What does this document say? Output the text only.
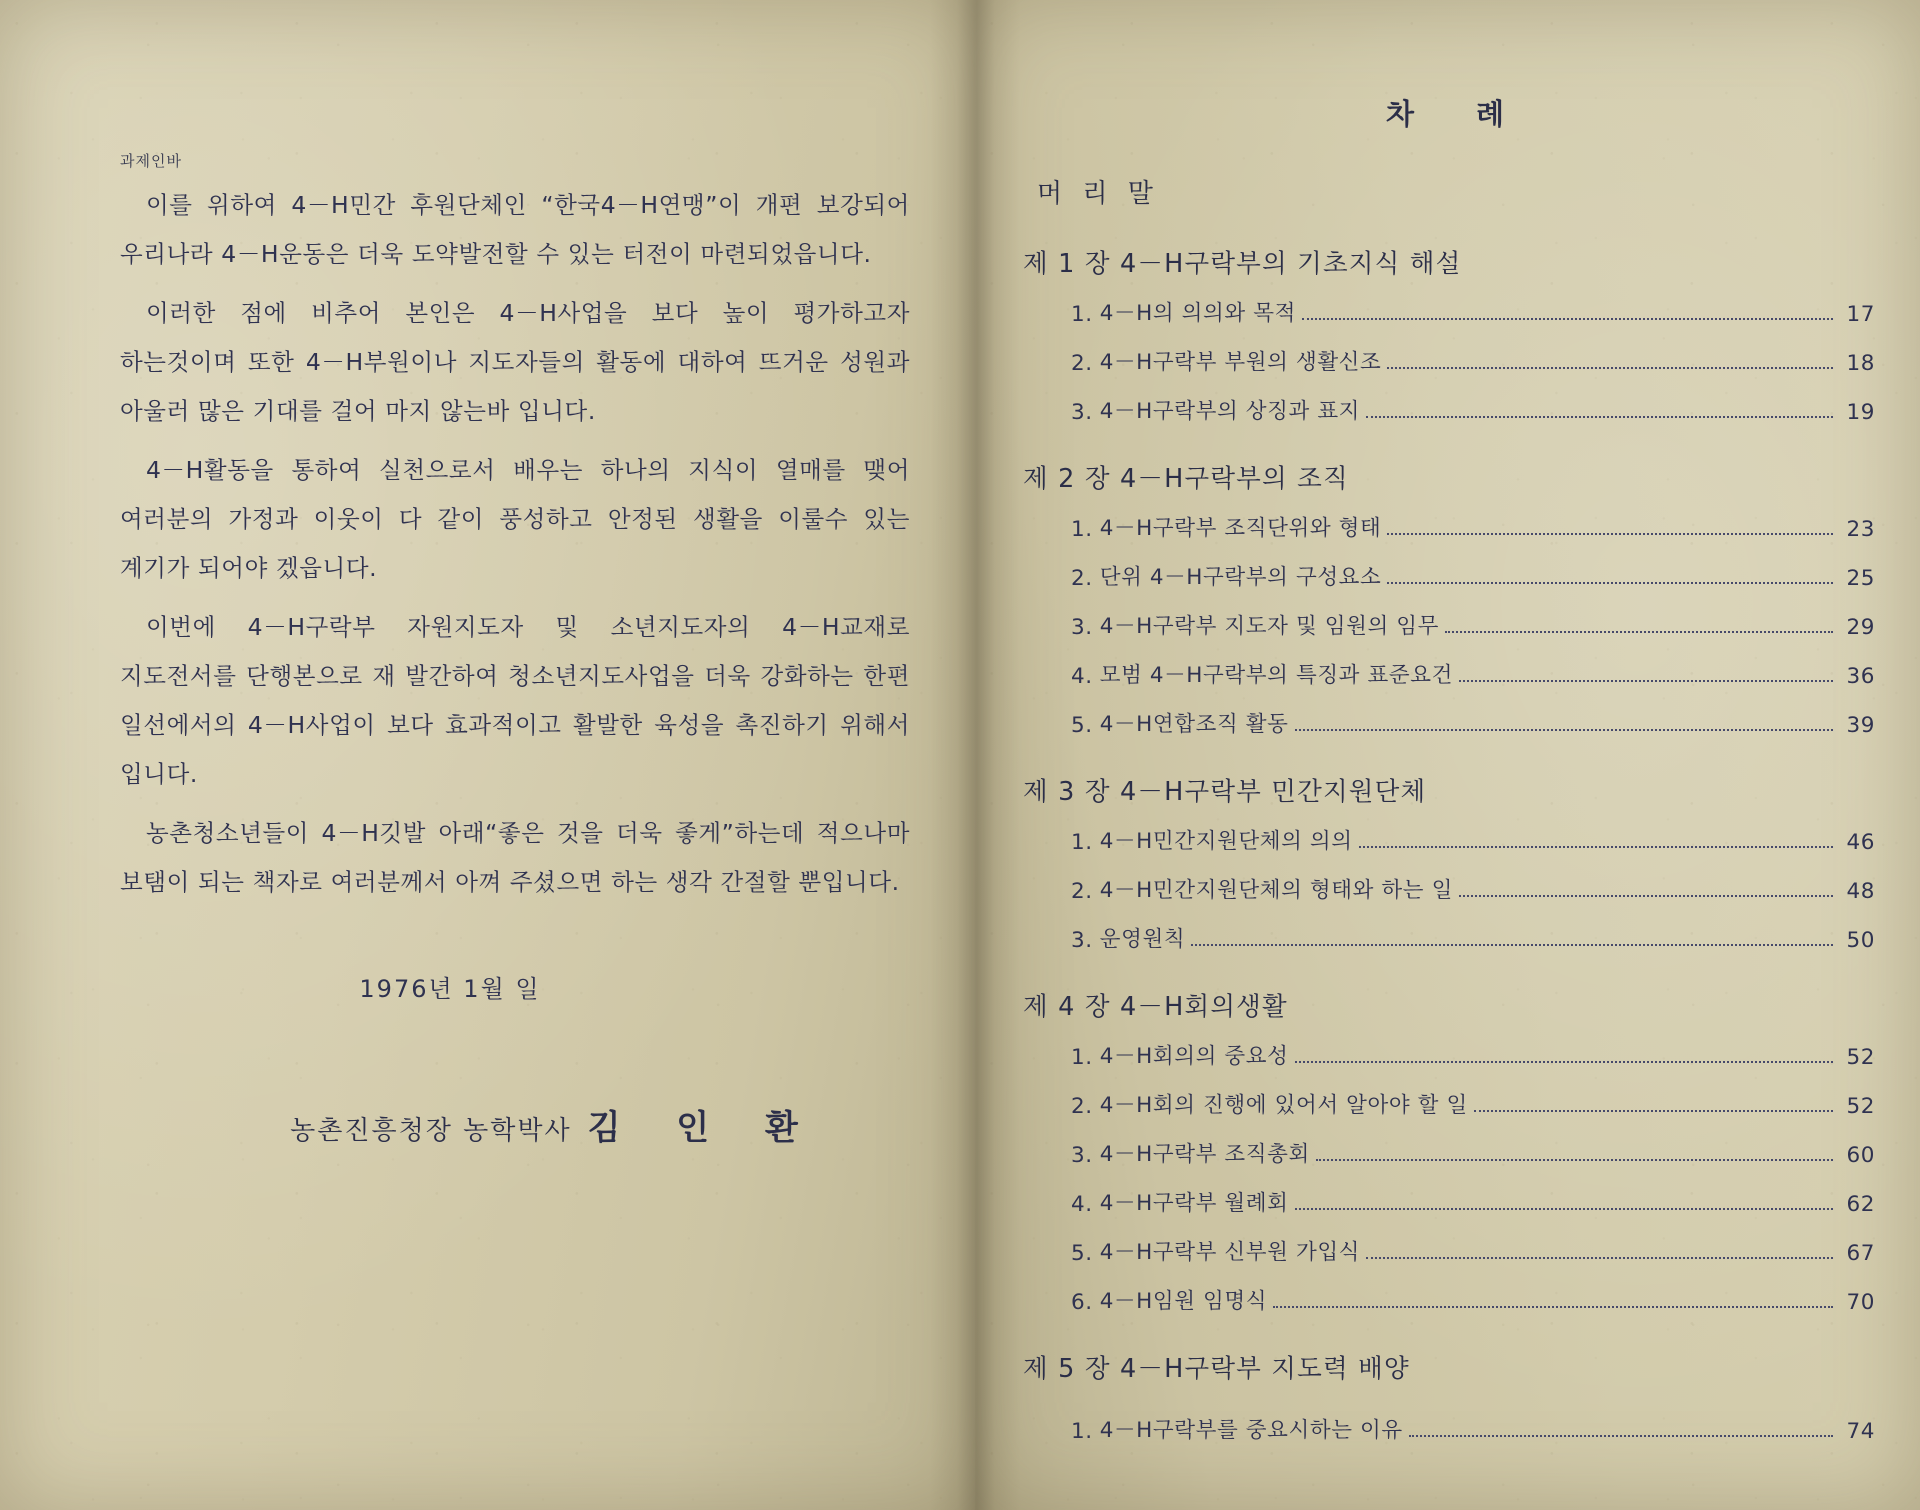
과제인바

이를 위하여 4－H민간 후원단체인 “한국4－H연맹”이 개편 보강되어 우리나라 4－H운동은 더욱 도약발전할 수 있는 터전이 마련되었읍니다.

이러한 점에 비추어 본인은 4－H사업을 보다 높이 평가하고자 하는것이며 또한 4－H부원이나 지도자들의 활동에 대하여 뜨거운 성원과 아울러 많은 기대를 걸어 마지 않는바 입니다.

4－H활동을 통하여 실천으로서 배우는 하나의 지식이 열매를 맺어 여러분의 가정과 이웃이 다 같이 풍성하고 안정된 생활을 이룰수 있는 계기가 되어야 겠읍니다.

이번에 4－H구락부 자원지도자 및 소년지도자의 4－H교재로 지도전서를 단행본으로 재 발간하여 청소년지도사업을 더욱 강화하는 한편 일선에서의 4－H사업이 보다 효과적이고 활발한 육성을 촉진하기 위해서 입니다.

농촌청소년들이 4－H깃발 아래“좋은 것을 더욱 좋게”하는데 적으나마 보탬이 되는 책자로 여러분께서 아껴 주셨으면 하는 생각 간절할 뿐입니다.

1976년 1월 일
농촌진흥청장 농학박사 김 인 환
차 례
머 리 말
제 1 장 4－H구락부의 기초지식 해설
1. 4－H의 의의와 목적	17
2. 4－H구락부 부원의 생활신조	18
3. 4－H구락부의 상징과 표지	19
제 2 장 4－H구락부의 조직
1. 4－H구락부 조직단위와 형태	23
2. 단위 4－H구락부의 구성요소	25
3. 4－H구락부 지도자 및 임원의 임무	29
4. 모범 4－H구락부의 특징과 표준요건	36
5. 4－H연합조직 활동	39
제 3 장 4－H구락부 민간지원단체
1. 4－H민간지원단체의 의의	46
2. 4－H민간지원단체의 형태와 하는 일	48
3. 운영원칙	50
제 4 장 4－H회의생활
1. 4－H회의의 중요성	52
2. 4－H회의 진행에 있어서 알아야 할 일	52
3. 4－H구락부 조직총회	60
4. 4－H구락부 월례회	62
5. 4－H구락부 신부원 가입식	67
6. 4－H임원 임명식	70
제 5 장 4－H구락부 지도력 배양
1. 4－H구락부를 중요시하는 이유	74
